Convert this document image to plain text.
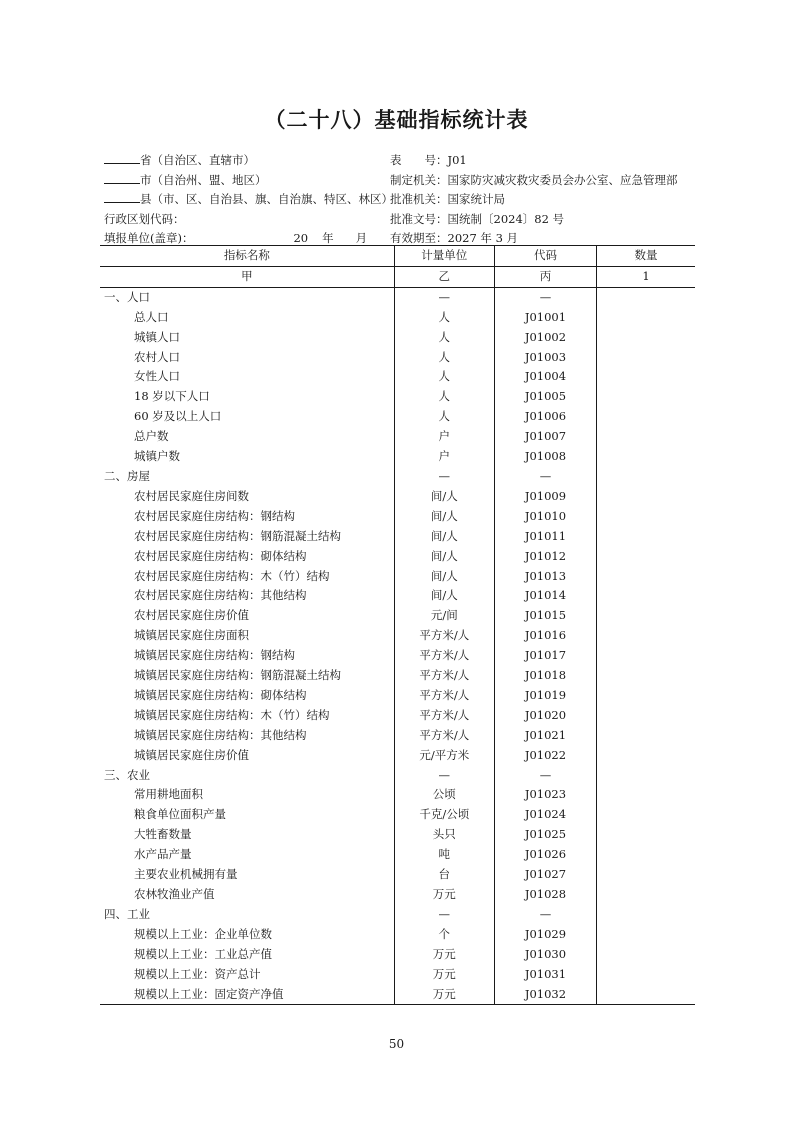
（二十八）基础指标统计表
省（自治区、直辖市）
市（自治州、盟、地区）
县（市、区、自治县、旗、自治旗、特区、林区）
行政区划代码：
填报单位(盖章)：	20 年 月
表　　号：J01
制定机关：国家防灾减灾救灾委员会办公室、应急管理部
批准机关：国家统计局
批准文号：国统制〔2024〕82 号
有效期至：2027 年 3 月
指标名称	计量单位	代码	数量
甲	乙	丙	1
一、人口	—	—	
总人口	人	J01001	
城镇人口	人	J01002	
农村人口	人	J01003	
女性人口	人	J01004	
18 岁以下人口	人	J01005	
60 岁及以上人口	人	J01006	
总户数	户	J01007	
城镇户数	户	J01008	
二、房屋	—	—	
农村居民家庭住房间数	间/人	J01009	
农村居民家庭住房结构：钢结构	间/人	J01010	
农村居民家庭住房结构：钢筋混凝土结构	间/人	J01011	
农村居民家庭住房结构：砌体结构	间/人	J01012	
农村居民家庭住房结构：木（竹）结构	间/人	J01013	
农村居民家庭住房结构：其他结构	间/人	J01014	
农村居民家庭住房价值	元/间	J01015	
城镇居民家庭住房面积	平方米/人	J01016	
城镇居民家庭住房结构：钢结构	平方米/人	J01017	
城镇居民家庭住房结构：钢筋混凝土结构	平方米/人	J01018	
城镇居民家庭住房结构：砌体结构	平方米/人	J01019	
城镇居民家庭住房结构：木（竹）结构	平方米/人	J01020	
城镇居民家庭住房结构：其他结构	平方米/人	J01021	
城镇居民家庭住房价值	元/平方米	J01022	
三、农业	—	—	
常用耕地面积	公顷	J01023	
粮食单位面积产量	千克/公顷	J01024	
大牲畜数量	头只	J01025	
水产品产量	吨	J01026	
主要农业机械拥有量	台	J01027	
农林牧渔业产值	万元	J01028	
四、工业	—	—	
规模以上工业：企业单位数	个	J01029	
规模以上工业：工业总产值	万元	J01030	
规模以上工业：资产总计	万元	J01031	
规模以上工业：固定资产净值	万元	J01032	
50
